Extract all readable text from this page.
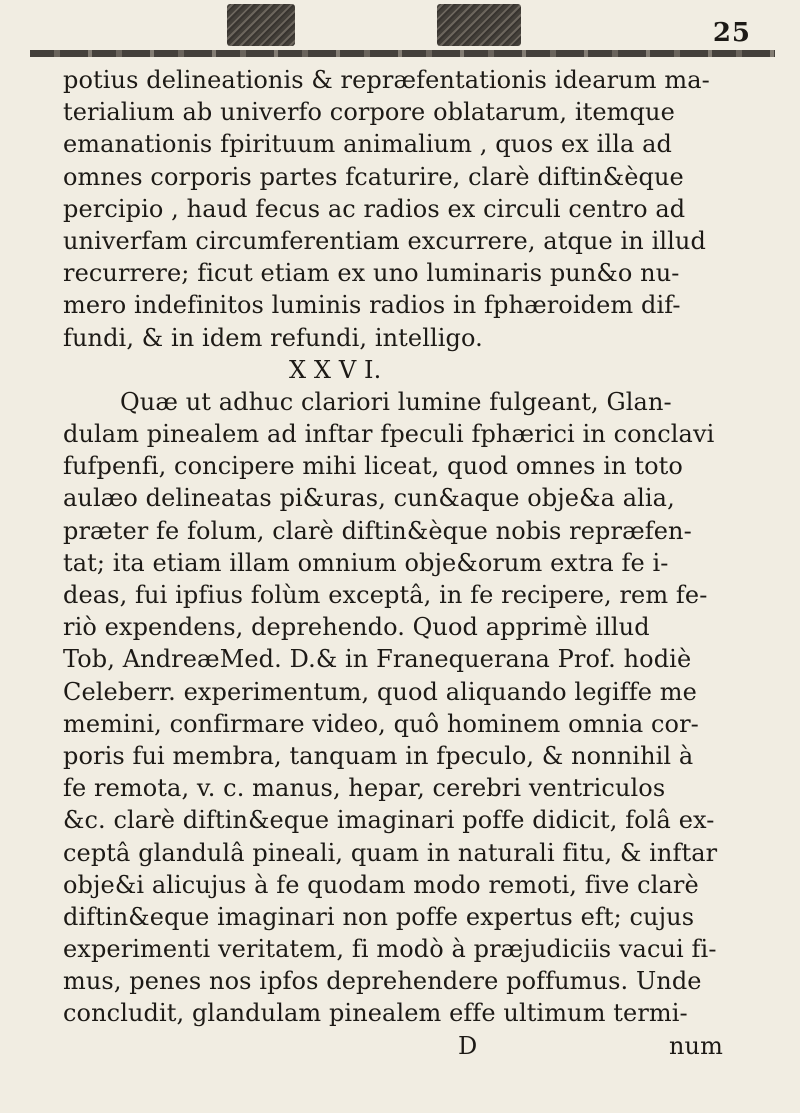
25
potius delineationis & repræfentationis idearum ma-
terialium ab univerfo corpore oblatarum, itemque
emanationis fpirituum animalium , quos ex illa ad
omnes corporis partes fcaturire, clarè diftin&èque
percipio , haud fecus ac radios ex circuli centro ad
univerfam circumferentiam excurrere, atque in illud
recurrere; ficut etiam ex uno luminaris pun&o nu-
mero indefinitos luminis radios in fphæroidem dif-
fundi, & in idem refundi, intelligo.
X X V I.
Quæ ut adhuc clariori lumine fulgeant, Glan-
dulam pinealem ad inftar fpeculi fphærici in conclavi
fufpenfi, concipere mihi liceat, quod omnes in toto
aulæo delineatas pi&uras, cun&aque obje&a alia,
præter fe folum, clarè diftin&èque nobis repræfen-
tat; ita etiam illam omnium obje&orum extra fe i-
deas, fui ipfius folùm exceptâ, in fe recipere, rem fe-
riò expendens, deprehendo. Quod apprimè illud
Tob, AndreæMed. D.& in Franequerana Prof. hodiè
Celeberr. experimentum, quod aliquando legiffe me
memini, confirmare video, quô hominem omnia cor-
poris fui membra, tanquam in fpeculo, & nonnihil à
fe remota, v. c. manus, hepar, cerebri ventriculos
&c. clarè diftin&eque imaginari poffe didicit, folâ ex-
ceptâ glandulâ pineali, quam in naturali fitu, & inftar
obje&i alicujus à fe quodam modo remoti, five clarè
diftin&eque imaginari non poffe expertus eft; cujus
experimenti veritatem, fi modò à præjudiciis vacui fi-
mus, penes nos ipfos deprehendere poffumus. Unde
concludit, glandulam pinealem effe ultimum termi-
D	num
